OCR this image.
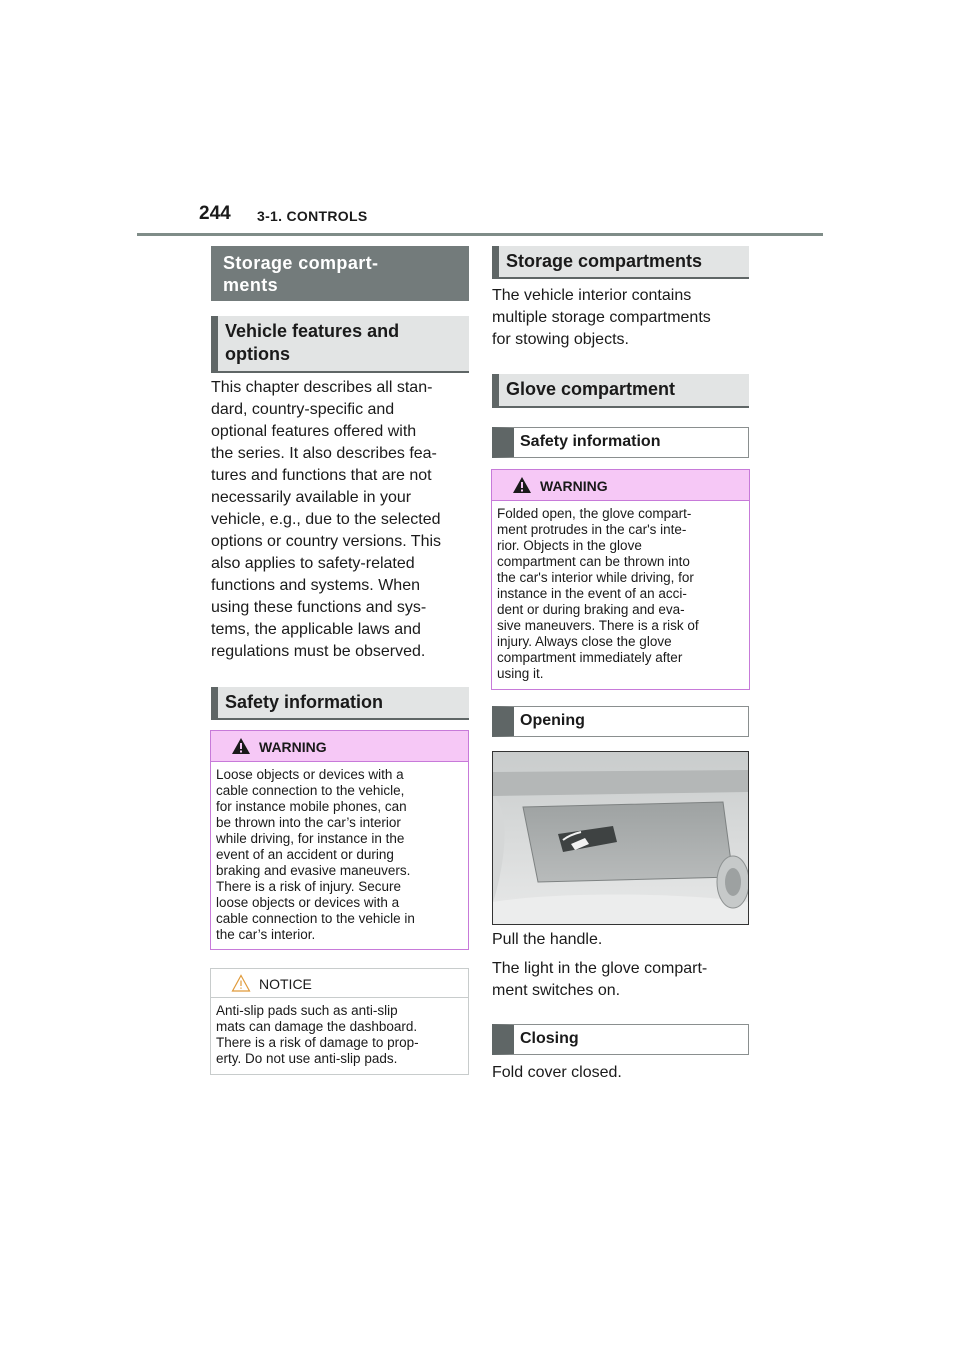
244 3-1. CONTROLS
Storage compart-
ments
Vehicle features and
options
This chapter describes all stan-
dard, country-specific and
optional features offered with
the series. It also describes fea-
tures and functions that are not
necessarily available in your
vehicle, e.g., due to the selected
options or country versions. This
also applies to safety-related
functions and systems. When
using these functions and sys-
tems, the applicable laws and
regulations must be observed.
Safety information
WARNING
Loose objects or devices with a
cable connection to the vehicle,
for instance mobile phones, can
be thrown into the car’s interior
while driving, for instance in the
event of an accident or during
braking and evasive maneuvers.
There is a risk of injury. Secure
loose objects or devices with a
cable connection to the vehicle in
the car’s interior.
NOTICE
Anti-slip pads such as anti-slip
mats can damage the dashboard.
There is a risk of damage to prop-
erty. Do not use anti-slip pads.
Storage compartments
The vehicle interior contains
multiple storage compartments
for stowing objects.
Glove compartment
Safety information
WARNING
Folded open, the glove compart-
ment protrudes in the car's inte-
rior. Objects in the glove
compartment can be thrown into
the car's interior while driving, for
instance in the event of an acci-
dent or during braking and eva-
sive maneuvers. There is a risk of
injury. Always close the glove
compartment immediately after
using it.
Opening
Pull the handle.
The light in the glove compart-
ment switches on.
Closing
Fold cover closed.
